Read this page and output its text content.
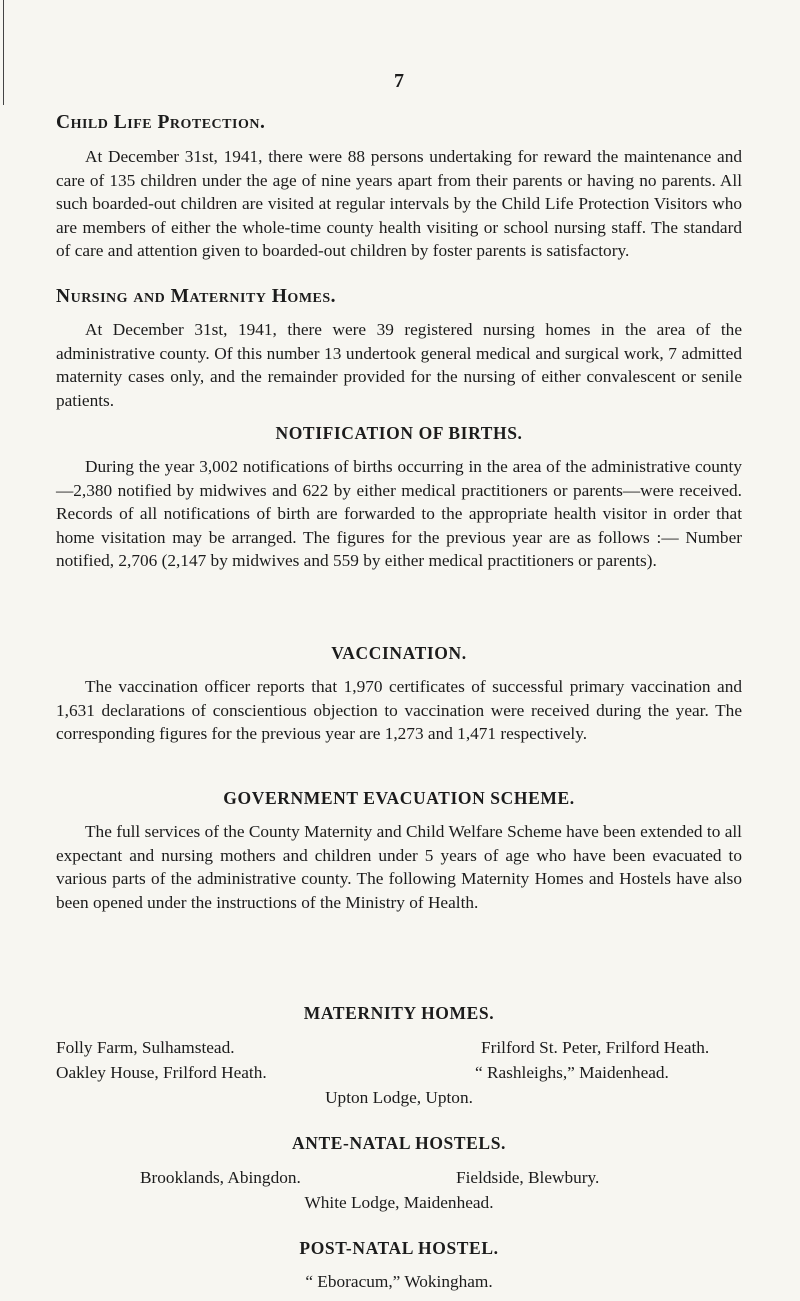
7
Child Life Protection.

At December 31st, 1941, there were 88 persons undertaking for reward the maintenance and care of 135 children under the age of nine years apart from their parents or having no parents. All such boarded-out children are visited at regular intervals by the Child Life Protection Visitors who are members of either the whole-time county health visiting or school nursing staff. The standard of care and attention given to boarded-out children by foster parents is satisfactory.

Nursing and Maternity Homes.

At December 31st, 1941, there were 39 registered nursing homes in the area of the administrative county. Of this number 13 undertook general medical and surgical work, 7 admitted maternity cases only, and the remainder provided for the nursing of either convalescent or senile patients.

NOTIFICATION OF BIRTHS.

During the year 3,002 notifications of births occurring in the area of the administrative county—2,380 notified by midwives and 622 by either medical practitioners or parents—were received. Records of all notifications of birth are forwarded to the appropriate health visitor in order that home visitation may be arranged. The figures for the previous year are as follows :— Number notified, 2,706 (2,147 by midwives and 559 by either medical practitioners or parents).

VACCINATION.

The vaccination officer reports that 1,970 certificates of successful primary vaccination and 1,631 declarations of conscientious objection to vaccination were received during the year. The corresponding figures for the previous year are 1,273 and 1,471 respectively.

GOVERNMENT EVACUATION SCHEME.

The full services of the County Maternity and Child Welfare Scheme have been extended to all expectant and nursing mothers and children under 5 years of age who have been evacuated to various parts of the administrative county. The following Maternity Homes and Hostels have also been opened under the instructions of the Ministry of Health.

MATERNITY HOMES.
Folly Farm, Sulhamstead.	Frilford St. Peter, Frilford Heath.
Oakley House, Frilford Heath.	“ Rashleighs,” Maidenhead.
Upton Lodge, Upton.
ANTE-NATAL HOSTELS.
Brooklands, Abingdon.	Fieldside, Blewbury.
White Lodge, Maidenhead.
POST-NATAL HOSTEL.
“ Eboracum,” Wokingham.
